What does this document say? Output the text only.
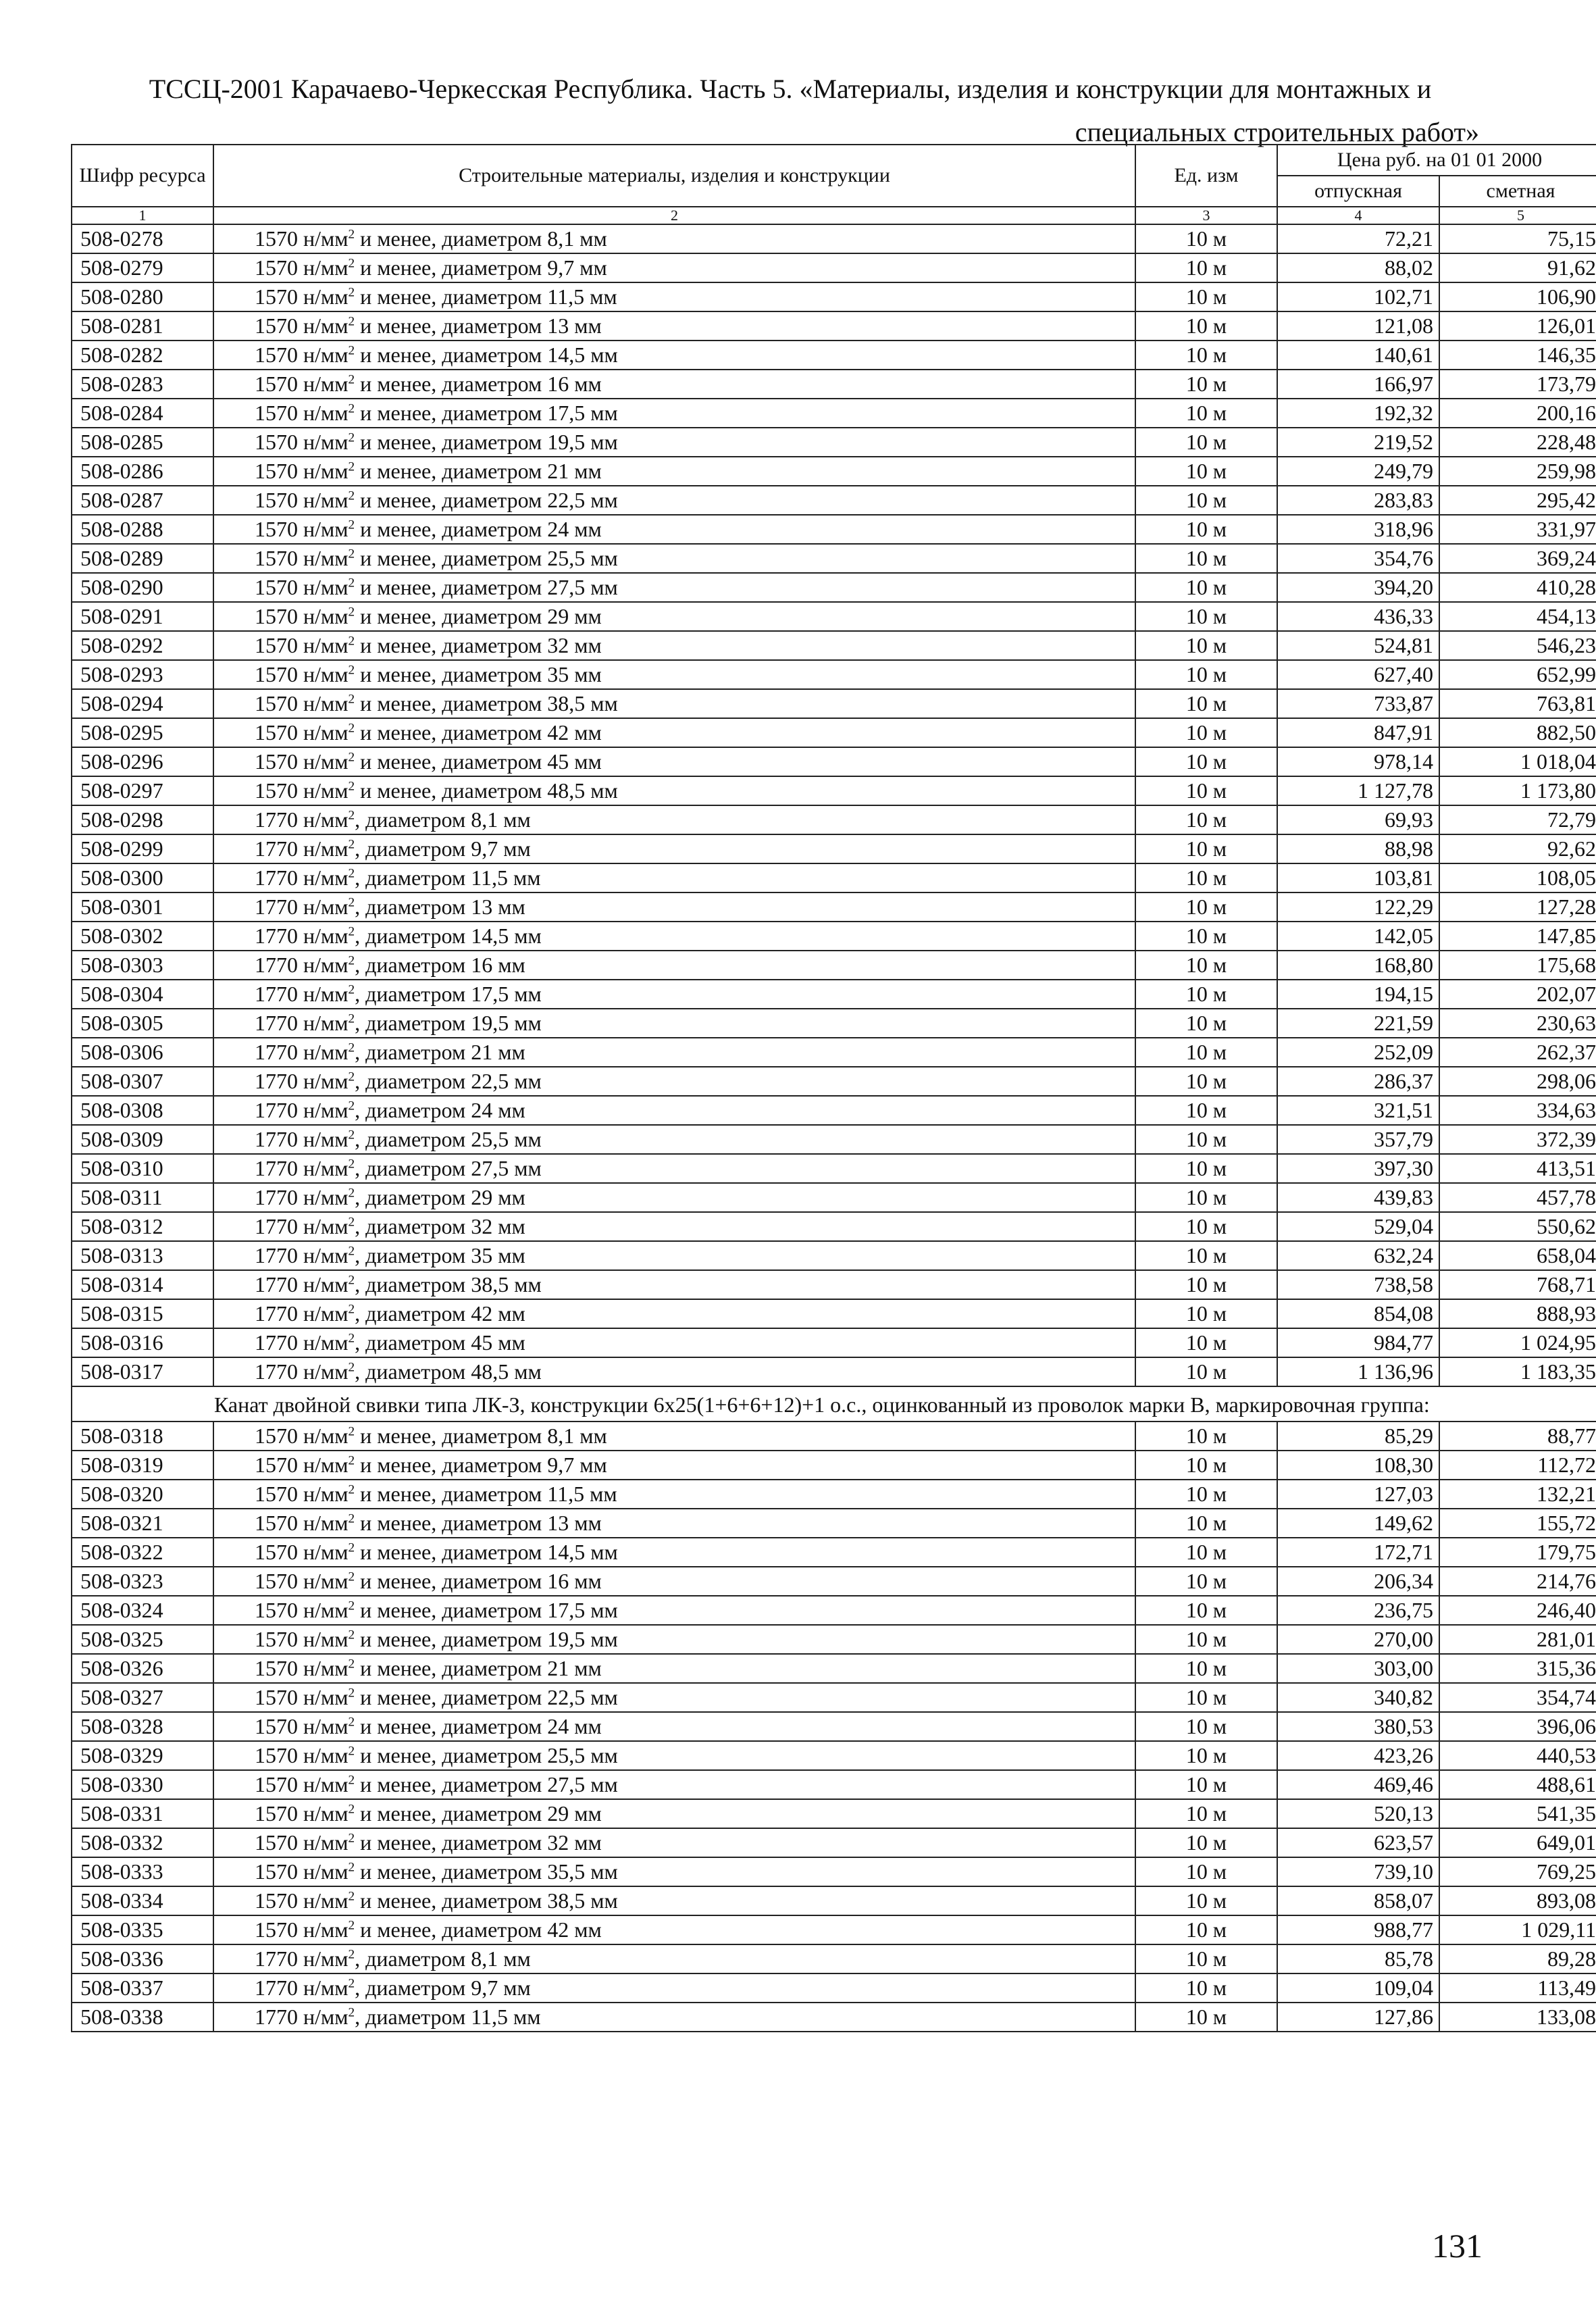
ТССЦ-2001 Карачаево-Черкесская Республика. Часть 5. «Материалы, изделия и конструкции для монтажных и
специальных строительных работ»
Шифр ресурса	Строительные материалы, изделия и конструкции	Ед. изм	Цена руб. на 01 01 2000	
			отпускная	сметная
1	2	3	4	5
508-0278	1570 $н/мм^2$ и менее, диаметром 8,1 мм	10 м	72,21	75,15
508-0279	1570 $н/мм^2$ и менее, диаметром 9,7 мм	10 м	88,02	91,62
508-0280	1570 $н/мм^2$ и менее, диаметром 11,5 мм	10 м	102,71	106,90
508-0281	1570 $н/мм^2$ и менее, диаметром 13 мм	10 м	121,08	126,01
508-0282	1570 $н/мм^2$ и менее, диаметром 14,5 мм	10 м	140,61	146,35
508-0283	1570 $н/мм^2$ и менее, диаметром 16 мм	10 м	166,97	173,79
508-0284	1570 $н/мм^2$ и менее, диаметром 17,5 мм	10 м	192,32	200,16
508-0285	1570 $н/мм^2$ и менее, диаметром 19,5 мм	10 м	219,52	228,48
508-0286	1570 $н/мм^2$ и менее, диаметром 21 мм	10 м	249,79	259,98
508-0287	1570 $н/мм^2$ и менее, диаметром 22,5 мм	10 м	283,83	295,42
508-0288	1570 $н/мм^2$ и менее, диаметром 24 мм	10 м	318,96	331,97
508-0289	1570 $н/мм^2$ и менее, диаметром 25,5 мм	10 м	354,76	369,24
508-0290	1570 $н/мм^2$ и менее, диаметром 27,5 мм	10 м	394,20	410,28
508-0291	1570 $н/мм^2$ и менее, диаметром 29 мм	10 м	436,33	454,13
508-0292	1570 $н/мм^2$ и менее, диаметром 32 мм	10 м	524,81	546,23
508-0293	1570 $н/мм^2$ и менее, диаметром 35 мм	10 м	627,40	652,99
508-0294	1570 $н/мм^2$ и менее, диаметром 38,5 мм	10 м	733,87	763,81
508-0295	1570 $н/мм^2$ и менее, диаметром 42 мм	10 м	847,91	882,50
508-0296	1570 $н/мм^2$ и менее, диаметром 45 мм	10 м	978,14	1 018,04
508-0297	1570 $н/мм^2$ и менее, диаметром 48,5 мм	10 м	1 127,78	1 173,80
508-0298	1770 $н/мм^2$, диаметром 8,1 мм	10 м	69,93	72,79
508-0299	1770 $н/мм^2$, диаметром 9,7 мм	10 м	88,98	92,62
508-0300	1770 $н/мм^2$, диаметром 11,5 мм	10 м	103,81	108,05
508-0301	1770 $н/мм^2$, диаметром 13 мм	10 м	122,29	127,28
508-0302	1770 $н/мм^2$, диаметром 14,5 мм	10 м	142,05	147,85
508-0303	1770 $н/мм^2$, диаметром 16 мм	10 м	168,80	175,68
508-0304	1770 $н/мм^2$, диаметром 17,5 мм	10 м	194,15	202,07
508-0305	1770 $н/мм^2$, диаметром 19,5 мм	10 м	221,59	230,63
508-0306	1770 $н/мм^2$, диаметром 21 мм	10 м	252,09	262,37
508-0307	1770 $н/мм^2$, диаметром 22,5 мм	10 м	286,37	298,06
508-0308	1770 $н/мм^2$, диаметром 24 мм	10 м	321,51	334,63
508-0309	1770 $н/мм^2$, диаметром 25,5 мм	10 м	357,79	372,39
508-0310	1770 $н/мм^2$, диаметром 27,5 мм	10 м	397,30	413,51
508-0311	1770 $н/мм^2$, диаметром 29 мм	10 м	439,83	457,78
508-0312	1770 $н/мм^2$, диаметром 32 мм	10 м	529,04	550,62
508-0313	1770 $н/мм^2$, диаметром 35 мм	10 м	632,24	658,04
508-0314	1770 $н/мм^2$, диаметром 38,5 мм	10 м	738,58	768,71
508-0315	1770 $н/мм^2$, диаметром 42 мм	10 м	854,08	888,93
508-0316	1770 $н/мм^2$, диаметром 45 мм	10 м	984,77	1 024,95
508-0317	1770 $н/мм^2$, диаметром 48,5 мм	10 м	1 136,96	1 183,35
Канат двойной свивки типа ЛК-З, конструкции 6х25(1+6+6+12)+1 о.с., оцинкованный из проволок марки В, маркировочная группа:				
508-0318	1570 $н/мм^2$ и менее, диаметром 8,1 мм	10 м	85,29	88,77
508-0319	1570 $н/мм^2$ и менее, диаметром 9,7 мм	10 м	108,30	112,72
508-0320	1570 $н/мм^2$ и менее, диаметром 11,5 мм	10 м	127,03	132,21
508-0321	1570 $н/мм^2$ и менее, диаметром 13 мм	10 м	149,62	155,72
508-0322	1570 $н/мм^2$ и менее, диаметром 14,5 мм	10 м	172,71	179,75
508-0323	1570 $н/мм^2$ и менее, диаметром 16 мм	10 м	206,34	214,76
508-0324	1570 $н/мм^2$ и менее, диаметром 17,5 мм	10 м	236,75	246,40
508-0325	1570 $н/мм^2$ и менее, диаметром 19,5 мм	10 м	270,00	281,01
508-0326	1570 $н/мм^2$ и менее, диаметром 21 мм	10 м	303,00	315,36
508-0327	1570 $н/мм^2$ и менее, диаметром 22,5 мм	10 м	340,82	354,74
508-0328	1570 $н/мм^2$ и менее, диаметром 24 мм	10 м	380,53	396,06
508-0329	1570 $н/мм^2$ и менее, диаметром 25,5 мм	10 м	423,26	440,53
508-0330	1570 $н/мм^2$ и менее, диаметром 27,5 мм	10 м	469,46	488,61
508-0331	1570 $н/мм^2$ и менее, диаметром 29 мм	10 м	520,13	541,35
508-0332	1570 $н/мм^2$ и менее, диаметром 32 мм	10 м	623,57	649,01
508-0333	1570 $н/мм^2$ и менее, диаметром 35,5 мм	10 м	739,10	769,25
508-0334	1570 $н/мм^2$ и менее, диаметром 38,5 мм	10 м	858,07	893,08
508-0335	1570 $н/мм^2$ и менее, диаметром 42 мм	10 м	988,77	1 029,11
508-0336	1770 $н/мм^2$, диаметром 8,1 мм	10 м	85,78	89,28
508-0337	1770 $н/мм^2$, диаметром 9,7 мм	10 м	109,04	113,49
508-0338	1770 $н/мм^2$, диаметром 11,5 мм	10 м	127,86	133,08
131
